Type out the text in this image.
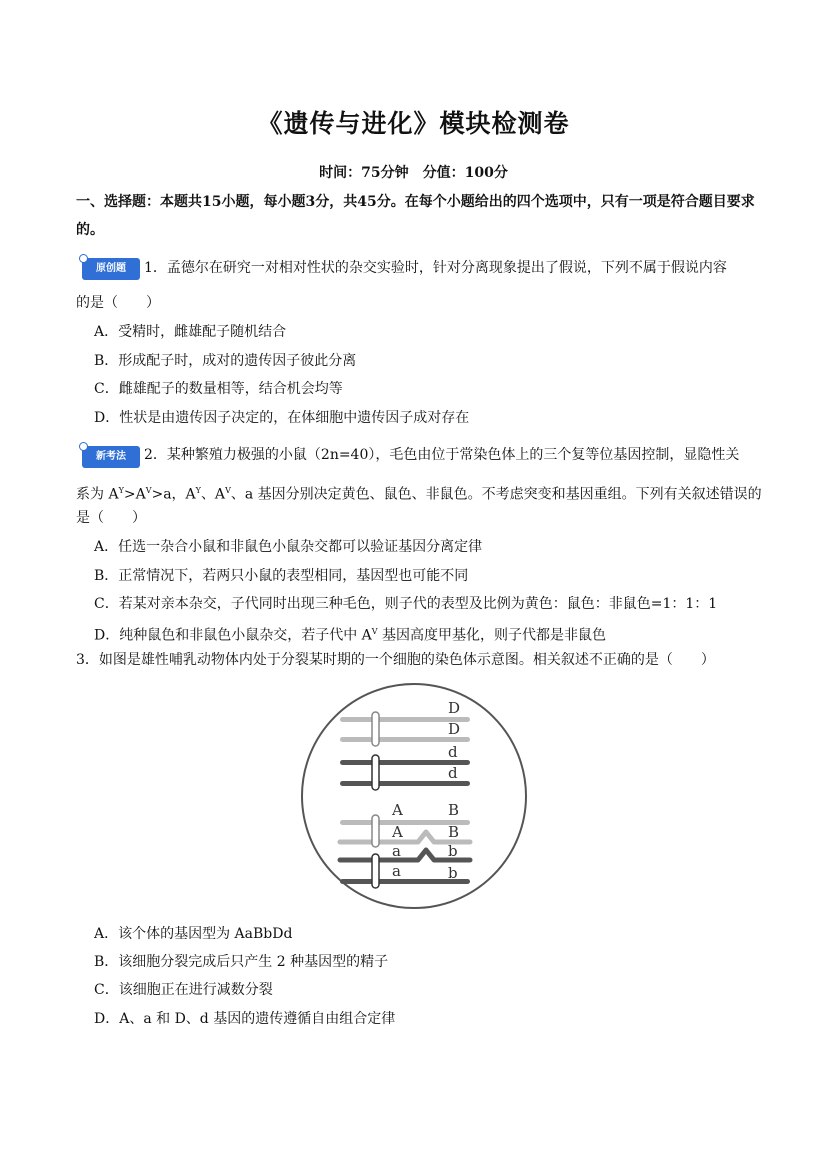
《遗传与进化》模块检测卷
时间：75分钟　分值：100分
一、选择题：本题共15小题，每小题3分，共45分。在每个小题给出的四个选项中，只有一项是符合题目要求的。
原创题	1．孟德尔在研究一对相对性状的杂交实验时，针对分离现象提出了假说，下列不属于假说内容
的是（　　）
A．受精时，雌雄配子随机结合
B．形成配子时，成对的遗传因子彼此分离
C．雌雄配子的数量相等，结合机会均等
D．性状是由遗传因子决定的，在体细胞中遗传因子成对存在
新考法	2．某种繁殖力极强的小鼠（2n=40），毛色由位于常染色体上的三个复等位基因控制，显隐性关
系为 $A^Y>A^V>a$，$A^Y$、$A^V$、a 基因分别决定黄色、鼠色、非鼠色。不考虑突变和基因重组。下列有关叙述错误的
是（　　）
A．任选一杂合小鼠和非鼠色小鼠杂交都可以验证基因分离定律
B．正常情况下，若两只小鼠的表型相同，基因型也可能不同
C．若某对亲本杂交，子代同时出现三种毛色，则子代的表型及比例为黄色：鼠色：非鼠色=1：1：1
D．纯种鼠色和非鼠色小鼠杂交，若子代中 $A^V$ 基因高度甲基化，则子代都是非鼠色
3．如图是雄性哺乳动物体内处于分裂某时期的一个细胞的染色体示意图。相关叙述不正确的是（　　）
D
D
d
d
A	B
A	B
a	b
a	b
A．该个体的基因型为 AaBbDd
B．该细胞分裂完成后只产生 2 种基因型的精子
C．该细胞正在进行减数分裂
D．A、a 和 D、d 基因的遗传遵循自由组合定律
